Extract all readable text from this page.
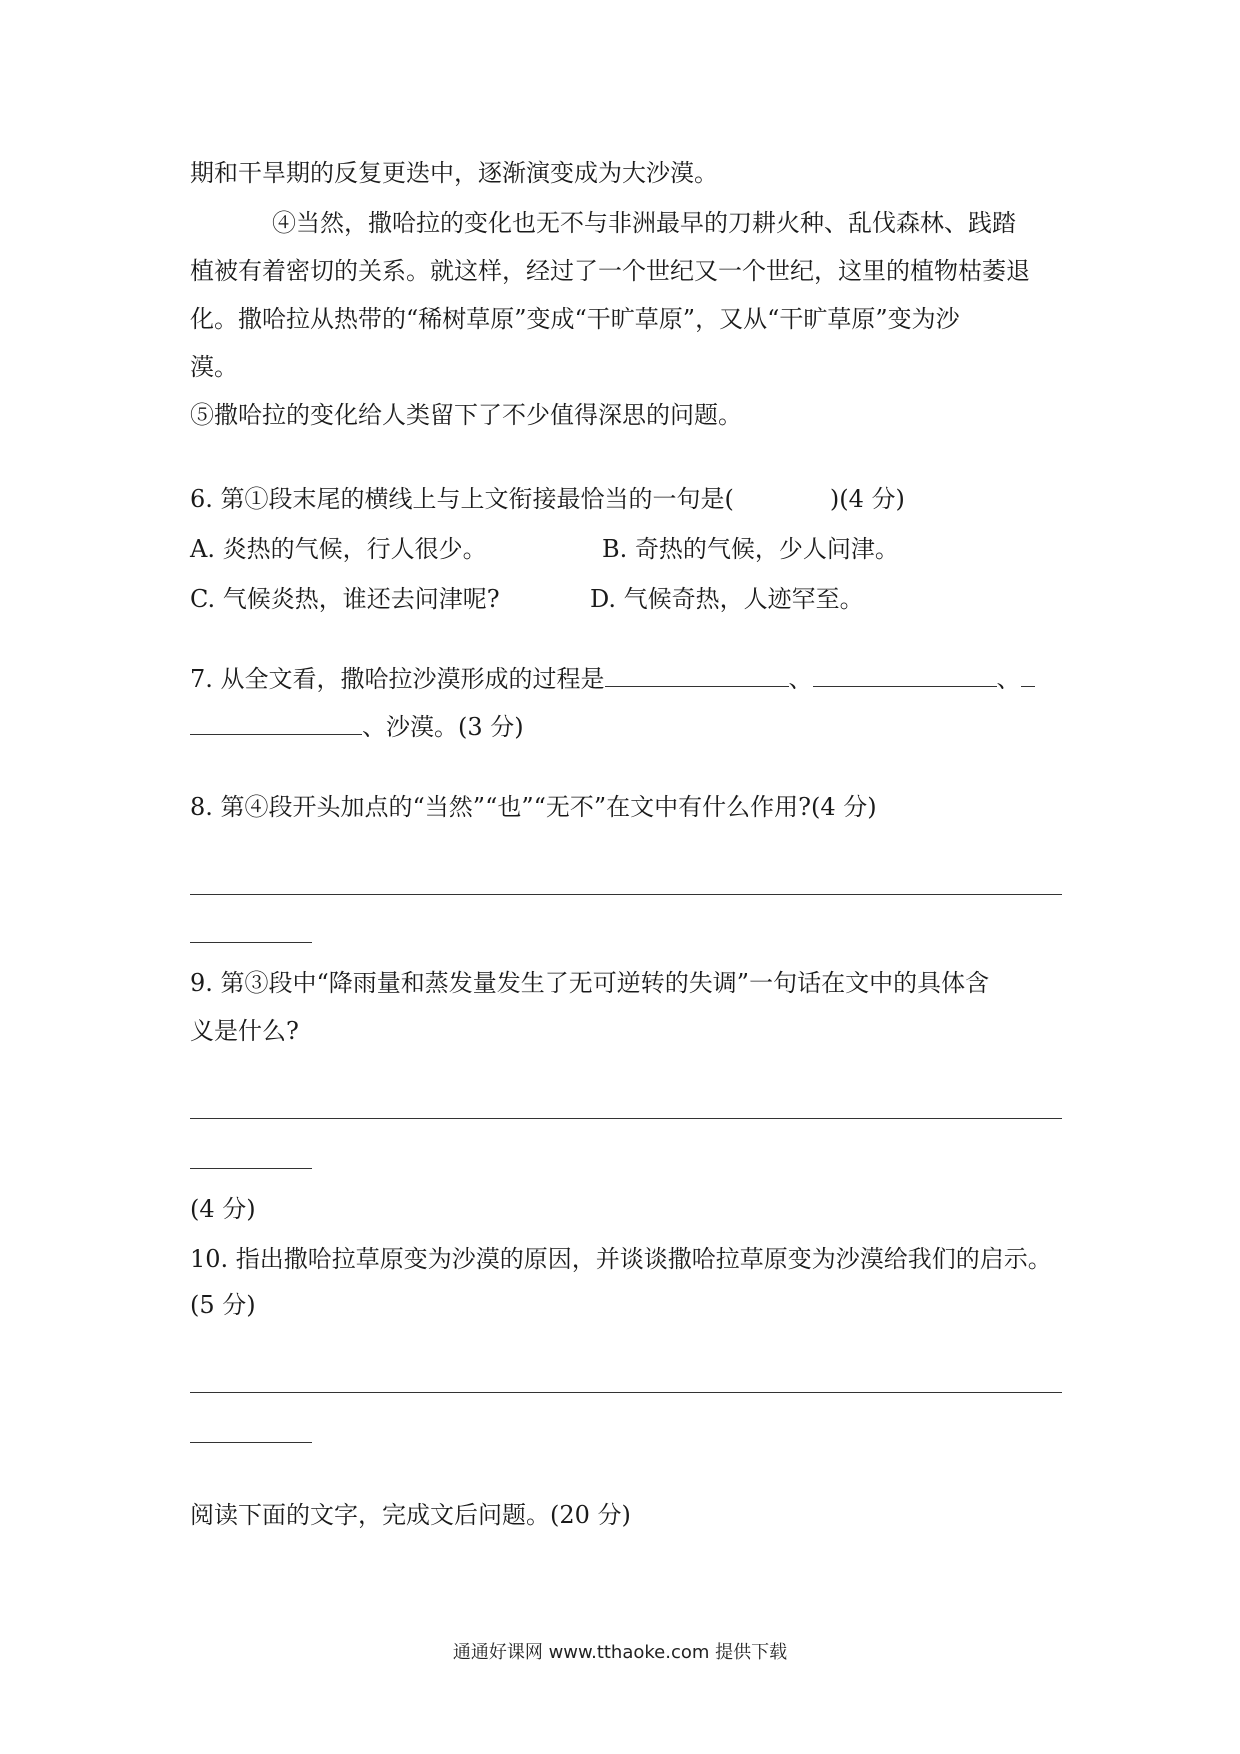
期和干旱期的反复更迭中，逐渐演变成为大沙漠。
④当然，撒哈拉的变化也无不与非洲最早的刀耕火种、乱伐森林、践踏
植被有着密切的关系。就这样，经过了一个世纪又一个世纪，这里的植物枯萎退
化。撒哈拉从热带的“稀树草原”变成“干旷草原”，又从“干旷草原”变为沙
漠。
⑤撒哈拉的变化给人类留下了不少值得深思的问题。
6. 第①段末尾的横线上与上文衔接最恰当的一句是(	)(4 分)
A. 炎热的气候，行人很少。	B. 奇热的气候，少人问津。
C. 气候炎热，谁还去问津呢?	D. 气候奇热，人迹罕至。
7. 从全文看，撒哈拉沙漠形成的过程是	、	、
、沙漠。(3 分)
8. 第④段开头加点的“当然”“也”“无不”在文中有什么作用?(4 分)
9. 第③段中“降雨量和蒸发量发生了无可逆转的失调”一句话在文中的具体含
义是什么?
(4 分)
10. 指出撒哈拉草原变为沙漠的原因，并谈谈撒哈拉草原变为沙漠给我们的启示。
(5 分)
阅读下面的文字，完成文后问题。(20 分)
通通好课网 www.tthaoke.com 提供下载
